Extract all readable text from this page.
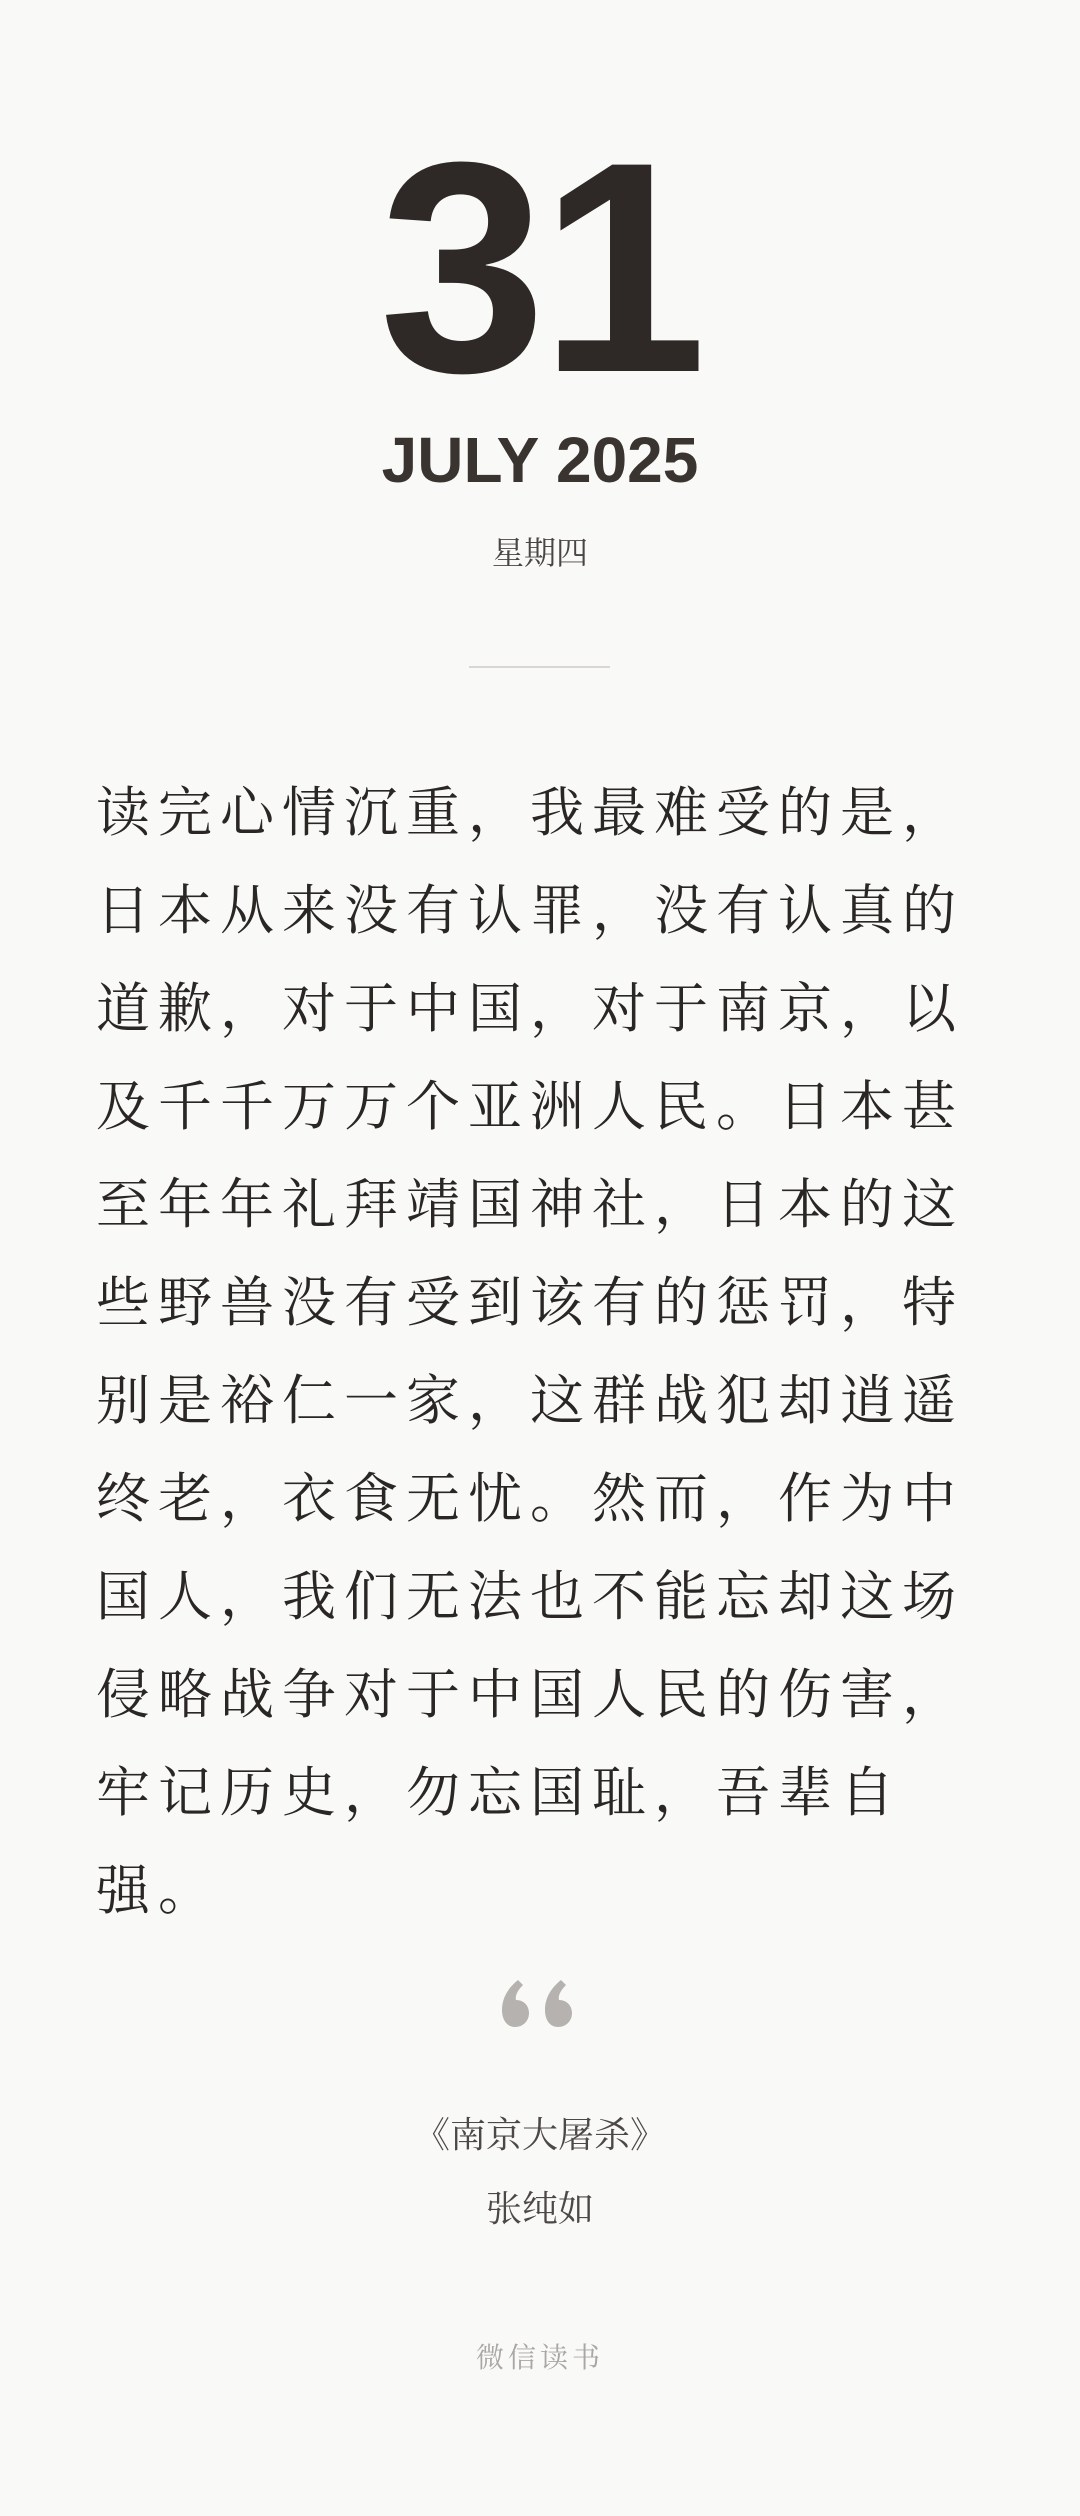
31
JULY 2025
星期四
读完心情沉重，我最难受的是，日本从来没有认罪，没有认真的道歉，对于中国，对于南京，以及千千万万个亚洲人民。日本甚至年年礼拜靖国神社，日本的这些野兽没有受到该有的惩罚，特别是裕仁一家，这群战犯却逍遥终老，衣食无忧。然而，作为中国人，我们无法也不能忘却这场侵略战争对于中国人民的伤害，牢记历史，勿忘国耻，吾辈自强。
《南京大屠杀》
张纯如
微信读书
